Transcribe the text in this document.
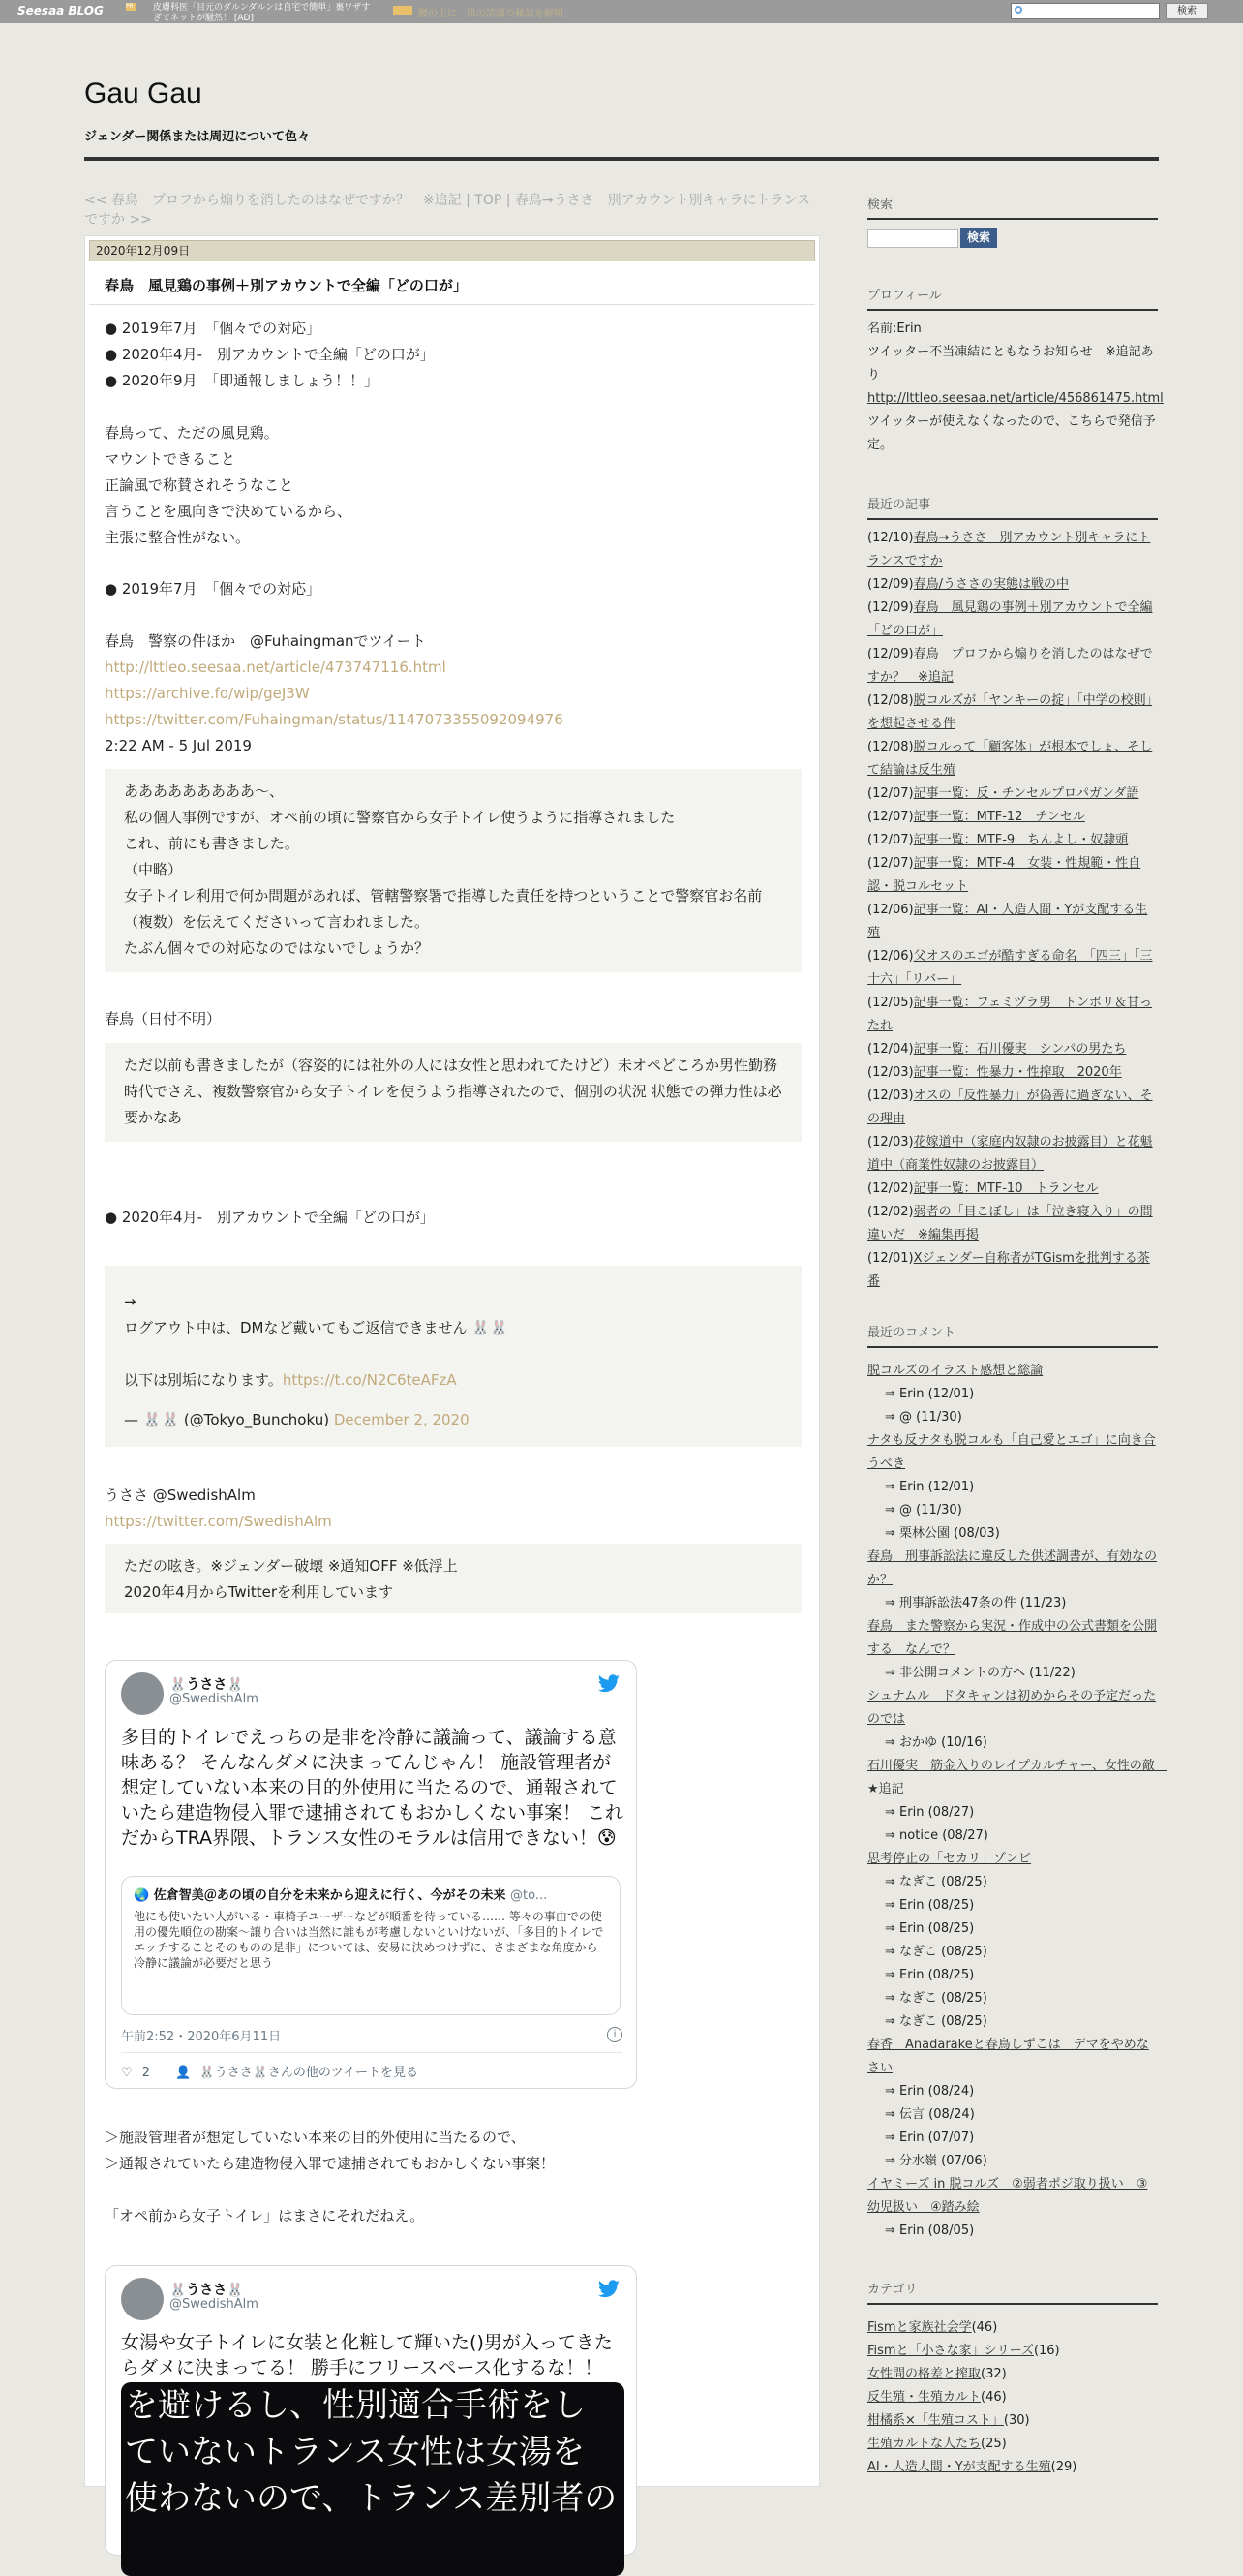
Seesaa BLOG	PR 皮膚科医「目元のダルンダルンは自宅で簡単」裏ワザすぎてネットが騒然！ [AD]	腰の上に　肌の清潔の秘訣を解明	検索
Gau Gau
ジェンダー関係または周辺について色々
<< 春鳥　プロフから煽りを消したのはなぜですか？　※追記 | TOP | 春鳥→うささ　別アカウント別キャラにトランスですか >>
2020年12月09日
春鳥　風見鶏の事例＋別アカウントで全編「どの口が」
● 2019年7月　「個々での対応」
● 2020年4月-　別アカウントで全編「どの口が」
● 2020年9月　「即通報しましょう！！」
春鳥って、ただの風見鶏。
マウントできること
正論風で称賛されそうなこと
言うことを風向きで決めているから、
主張に整合性がない。
● 2019年7月　「個々での対応」
春鳥　警察の件ほか　@Fuhaingmanでツイート
http://lttleo.seesaa.net/article/473747116.html
https://archive.fo/wip/geJ3W
https://twitter.com/Fuhaingman/status/1147073355092094976
2:22 AM - 5 Jul 2019
あああああああああ～、
私の個人事例ですが、オペ前の頃に警察官から女子トイレ使うように指導されました
これ、前にも書きました。
（中略）
女子トイレ利用で何か問題があれば、管轄警察署で指導した責任を持つということで警察官お名前（複数）を伝えてくださいって言われました。
たぶん個々での対応なのではないでしょうか？
春鳥（日付不明）
ただ以前も書きましたが（容姿的には社外の人には女性と思われてたけど）未オペどころか男性勤務時代でさえ、複数警察官から女子トイレを使うよう指導されたので、個別の状況 状態での弾力性は必要かなあ
● 2020年4月-　別アカウントで全編「どの口が」
→
ログアウト中は、DMなど戴いてもご返信できません 🐰🐰
以下は別垢になります。https://t.co/N2C6teAFzA
— 🐰🐰 (@Tokyo_Bunchoku) December 2, 2020
うささ @SwedishAlm
https://twitter.com/SwedishAlm
ただの呟き。※ジェンダー破壊 ※通知OFF ※低浮上
2020年4月からTwitterを利用しています
🐰うささ🐰
@SwedishAlm
多目的トイレでえっちの是非を冷静に議論って、議論する意味ある？ そんなんダメに決まってんじゃん！ 施設管理者が想定していない本来の目的外使用に当たるので、通報されていたら建造物侵入罪で逮捕されてもおかしくない事案！ これだからTRA界隈、トランス女性のモラルは信用できない！😰
🌏 佐倉智美＠あの頃の自分を未来から迎えに行く、今がその未来 @to...
他にも使いたい人がいる・車椅子ユーザーなどが順番を待っている…… 等々の事由での使用の優先順位の勘案～譲り合いは当然に誰もが考慮しないといけないが、「多目的トイレでエッチすることそのものの是非」については、安易に決めつけずに、さまざまな角度から冷静に議論が必要だと思う
午前2:52・2020年6月11日	i
♡ 2 👤 🐰うささ🐰さんの他のツイートを見る
＞施設管理者が想定していない本来の目的外使用に当たるので、
＞通報されていたら建造物侵入罪で逮捕されてもおかしくない事案！
「オペ前から女子トイレ」はまさにそれだねえ。
🐰うささ🐰
@SwedishAlm
女湯や女子トイレに女装と化粧して輝いた()男が入ってきたらダメに決まってる！ 勝手にフリースペース化するな！！
を避けるし、性別適合手術をし
ていないトランス女性は女湯を
使わないので、トランス差別者の
検索
検索
プロフィール
名前:Erin
ツイッター不当凍結にともなうお知らせ　※追記あり
http://lttleo.seesaa.net/article/456861475.html
ツイッターが使えなくなったので、こちらで発信予定。
最近の記事
(12/10)春鳥→うささ　別アカウント別キャラにトランスですか
(12/09)春鳥/うささの実態は戦の中
(12/09)春鳥　風見鶏の事例＋別アカウントで全編「どの口が」
(12/09)春鳥　プロフから煽りを消したのはなぜですか？　※追記
(12/08)脱コルズが「ヤンキーの掟」「中学の校則」を想起させる件
(12/08)脱コルって「顧客体」が根本でしょ、そして結論は反生殖
(12/07)記事一覧：反・チンセルプロパガンダ語
(12/07)記事一覧：MTF-12　チンセル
(12/07)記事一覧：MTF-9　ちんよし・奴隷頭
(12/07)記事一覧：MTF-4　女装・性規範・性自認・脱コルセット
(12/06)記事一覧：AI・人造人間・Yが支配する生殖
(12/06)父オスのエゴが酷すぎる命名　「四三」「三十六」「リバー」
(12/05)記事一覧：フェミヅラ男　トンボリ＆甘ったれ
(12/04)記事一覧：石川優実　シンパの男たち
(12/03)記事一覧：性暴力・性搾取　2020年
(12/03)オスの「反性暴力」が偽善に過ぎない、その理由
(12/03)花嫁道中（家庭内奴隷のお披露目）と花魁道中（商業性奴隷のお披露目）
(12/02)記事一覧：MTF-10　トランセル
(12/02)弱者の「目こぼし」は「泣き寝入り」の間違いだ　※編集再掲
(12/01)Xジェンダー自称者がTGismを批判する茶番
最近のコメント
脱コルズのイラスト感想と総論
⇒ Erin (12/01)
⇒ @ (11/30)
ナタも反ナタも脱コルも「自己愛とエゴ」に向き合うべき
⇒ Erin (12/01)
⇒ @ (11/30)
⇒ 栗林公園 (08/03)
春鳥　刑事訴訟法に違反した供述調書が、有効なのか？
⇒ 刑事訴訟法47条の件 (11/23)
春鳥　また警察から実況・作成中の公式書類を公開する　なんで？
⇒ 非公開コメントの方へ (11/22)
シュナムル　ドタキャンは初めからその予定だったのでは
⇒ おかゆ (10/16)
石川優実　筋金入りのレイプカルチャー、女性の敵　★追記
⇒ Erin (08/27)
⇒ notice (08/27)
思考停止の「セカリ」ゾンビ
⇒ なぎこ (08/25)
⇒ Erin (08/25)
⇒ Erin (08/25)
⇒ なぎこ (08/25)
⇒ Erin (08/25)
⇒ なぎこ (08/25)
⇒ なぎこ (08/25)
春香　Anadarakeと春鳥しずこは　デマをやめなさい
⇒ Erin (08/24)
⇒ 伝言 (08/24)
⇒ Erin (07/07)
⇒ 分水嶺 (07/06)
イヤミーズ in 脱コルズ　②弱者ポジ取り扱い　③幼児扱い　④踏み絵
⇒ Erin (08/05)
カテゴリ
Fismと家族社会学(46)
Fismと「小さな家」シリーズ(16)
女性間の格差と搾取(32)
反生殖・生殖カルト(46)
柑橘系×「生殖コスト」(30)
生殖カルトな人たち(25)
AI・人造人間・Yが支配する生殖(29)
